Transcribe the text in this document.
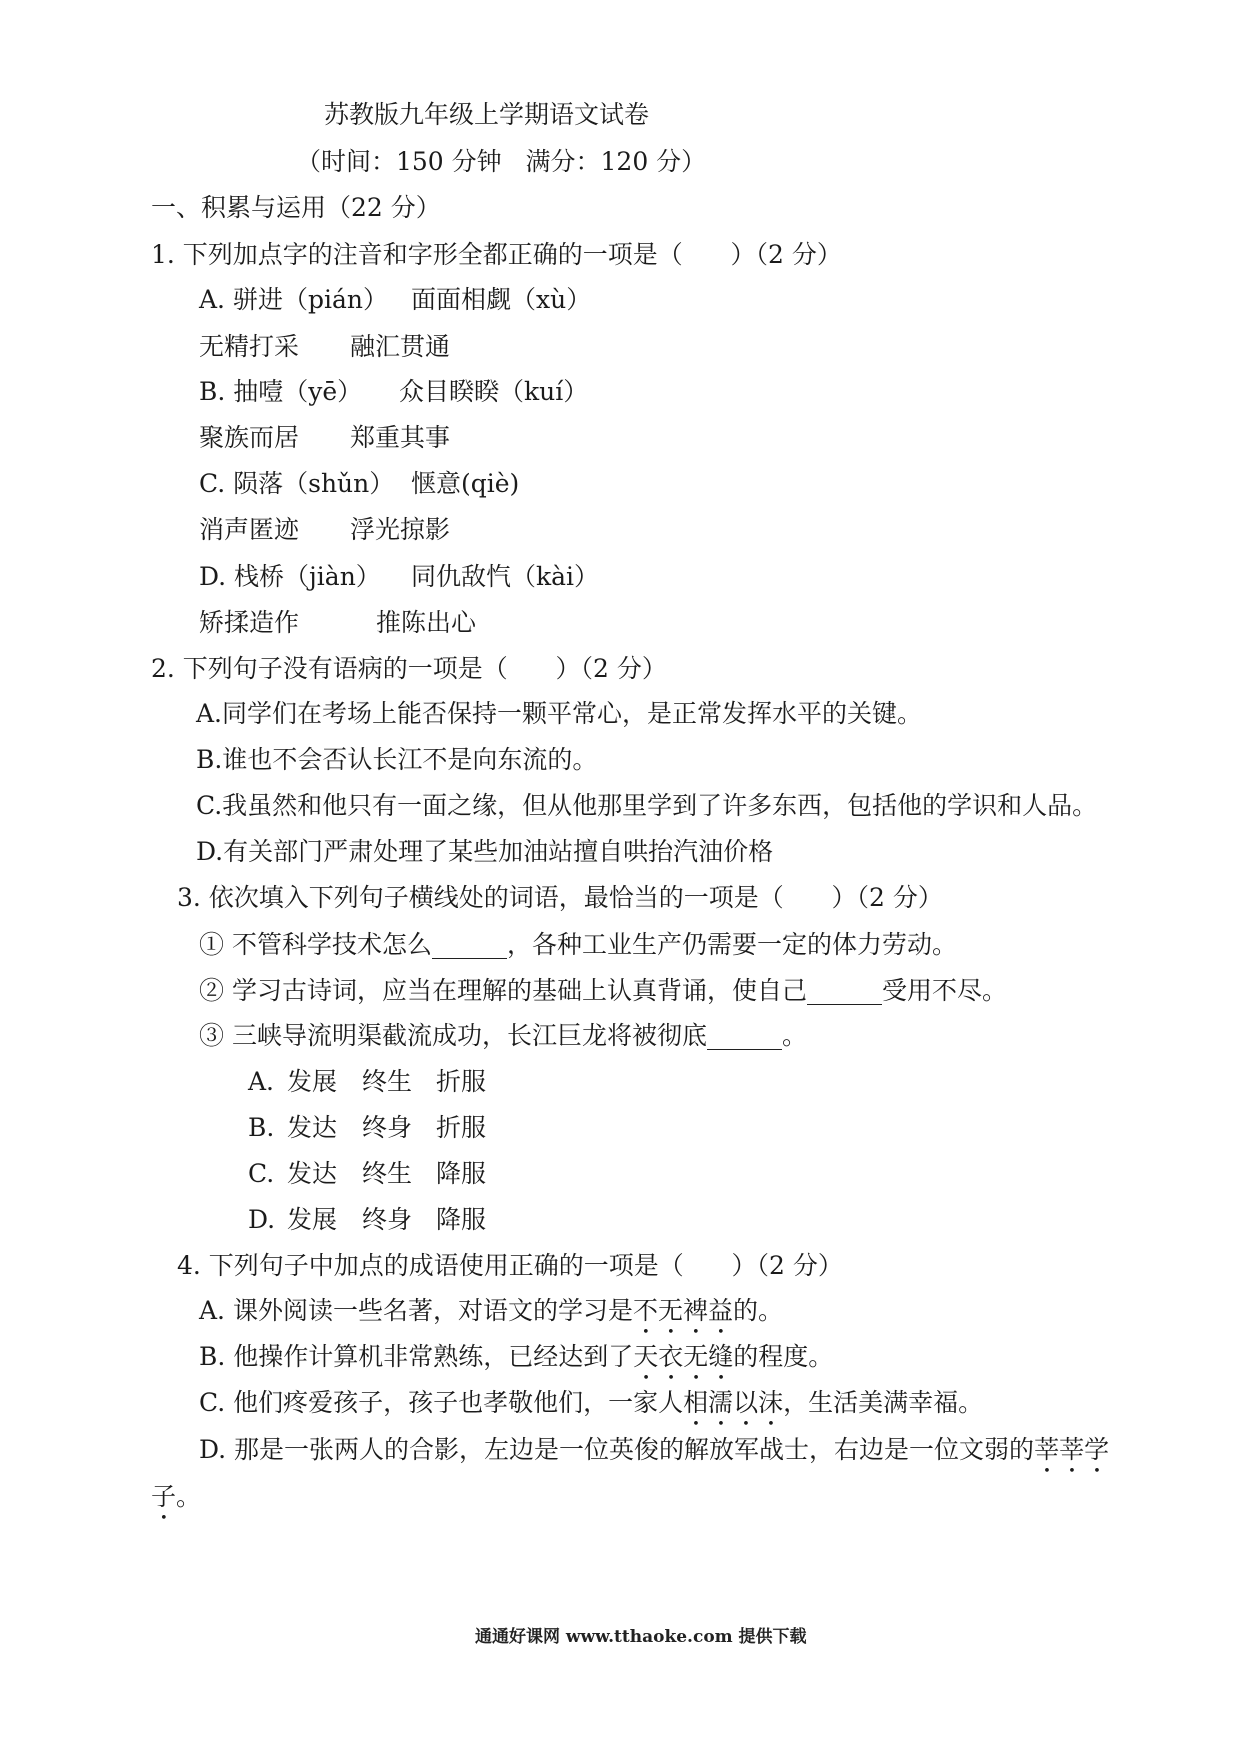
苏教版九年级上学期语文试卷
（时间：150 分钟   满分：120 分）
一、积累与运用（22 分）
1. 下列加点字的注音和字形全都正确的一项是（      ）（2 分）
A. 骈进（pián） 面面相觑（xù）
无精打采 融汇贯通
B. 抽噎（yē） 众目睽睽（kuí）
聚族而居 郑重其事
C. 陨落（shǔn） 惬意(qiè)
消声匿迹 浮光掠影
D. 栈桥（jiàn） 同仇敌忾（kài）
矫揉造作	推陈出心
2. 下列句子没有语病的一项是（      ）（2 分）
A.同学们在考场上能否保持一颗平常心，是正常发挥水平的关键。
B.谁也不会否认长江不是向东流的。
C.我虽然和他只有一面之缘，但从他那里学到了许多东西，包括他的学识和人品。
D.有关部门严肃处理了某些加油站擅自哄抬汽油价格
3. 依次填入下列句子横线处的词语，最恰当的一项是（      ）（2 分）
① 不管科学技术怎么______，各种工业生产仍需要一定的体力劳动。
② 学习古诗词，应当在理解的基础上认真背诵，使自己______受用不尽。
③ 三峡导流明渠截流成功，长江巨龙将被彻底______。
A. 发展 终生 折服
B. 发达 终身 折服
C. 发达 终生 降服
D. 发展 终身 降服
4. 下列句子中加点的成语使用正确的一项是（      ）（2 分）
A. 课外阅读一些名著，对语文的学习是不无裨益的。
B. 他操作计算机非常熟练，已经达到了天衣无缝的程度。
C. 他们疼爱孩子，孩子也孝敬他们，一家人相濡以沫，生活美满幸福。
D. 那是一张两人的合影，左边是一位英俊的解放军战士，右边是一位文弱的莘莘学
子。
通通好课网 www.tthaoke.com 提供下载
